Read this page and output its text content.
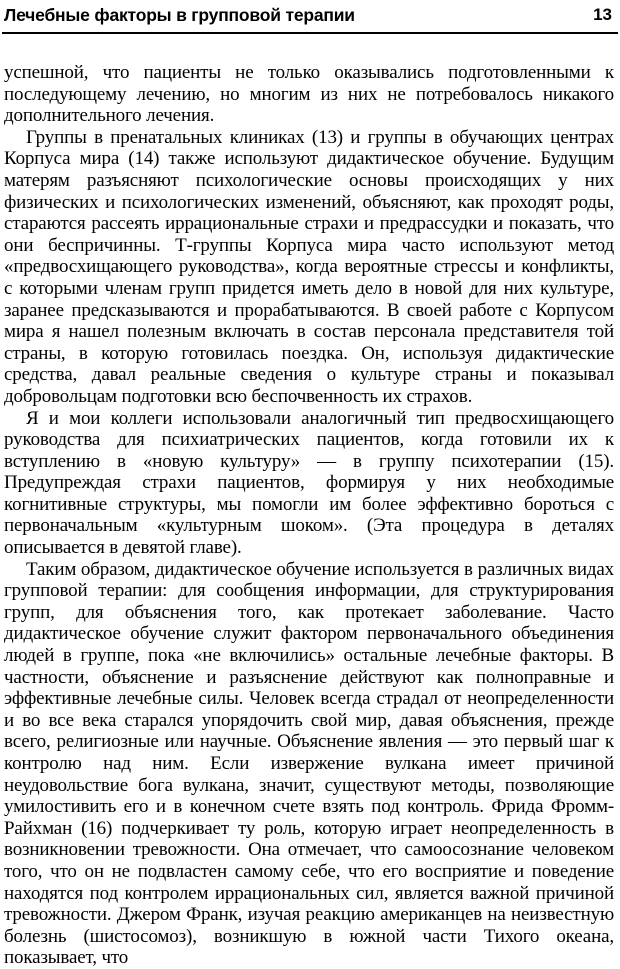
Лечебные факторы в групповой терапии	13

успешной, что пациенты не только оказывались подготовленными к последующему лечению, но многим из них не потребовалось никакого дополнительного лечения.

Группы в пренатальных клиниках (13) и группы в обучающих центрах Корпуса мира (14) также используют дидактическое обучение. Будущим матерям разъясняют психологические основы происходящих у них физических и психологических изменений, объясняют, как проходят роды, стараются рассеять иррациональные страхи и предрассудки и показать, что они беспричинны. Т-группы Корпуса мира часто используют метод «предвосхищающего руководства», когда вероятные стрессы и конфликты, с которыми членам групп придется иметь дело в новой для них культуре, заранее предсказываются и прорабатываются. В своей работе с Корпусом мира я нашел полезным включать в состав персонала представителя той страны, в которую готовилась поездка. Он, используя дидактические средства, давал реальные сведения о культуре страны и показывал добровольцам подготовки всю беспочвенность их страхов.

Я и мои коллеги использовали аналогичный тип предвосхищающего руководства для психиатрических пациентов, когда готовили их к вступлению в «новую культуру» — в группу психотерапии (15). Предупреждая страхи пациентов, формируя у них необходимые когнитивные структуры, мы помогли им более эффективно бороться с первоначальным «культурным шоком». (Эта процедура в деталях описывается в девятой главе).

Таким образом, дидактическое обучение используется в различных видах групповой терапии: для сообщения информации, для структурирования групп, для объяснения того, как протекает заболевание. Часто дидактическое обучение служит фактором первоначального объединения людей в группе, пока «не включились» остальные лечебные факторы. В частности, объяснение и разъяснение действуют как полноправные и эффективные лечебные силы. Человек всегда страдал от неопределенности и во все века старался упорядочить свой мир, давая объяснения, прежде всего, религиозные или научные. Объяснение явления — это первый шаг к контролю над ним. Если извержение вулкана имеет причиной неудовольствие бога вулкана, значит, существуют методы, позволяющие умилостивить его и в конечном счете взять под контроль. Фрида Фромм-Райхман (16) подчеркивает ту роль, которую играет неопределенность в возникновении тревожности. Она отмечает, что самоосознание человеком того, что он не подвластен самому себе, что его восприятие и поведение находятся под контролем иррациональных сил, является важной причиной тревожности. Джером Франк, изучая реакцию американцев на неизвестную болезнь (шистосомоз), возникшую в южной части Тихого океана, показывает, что
